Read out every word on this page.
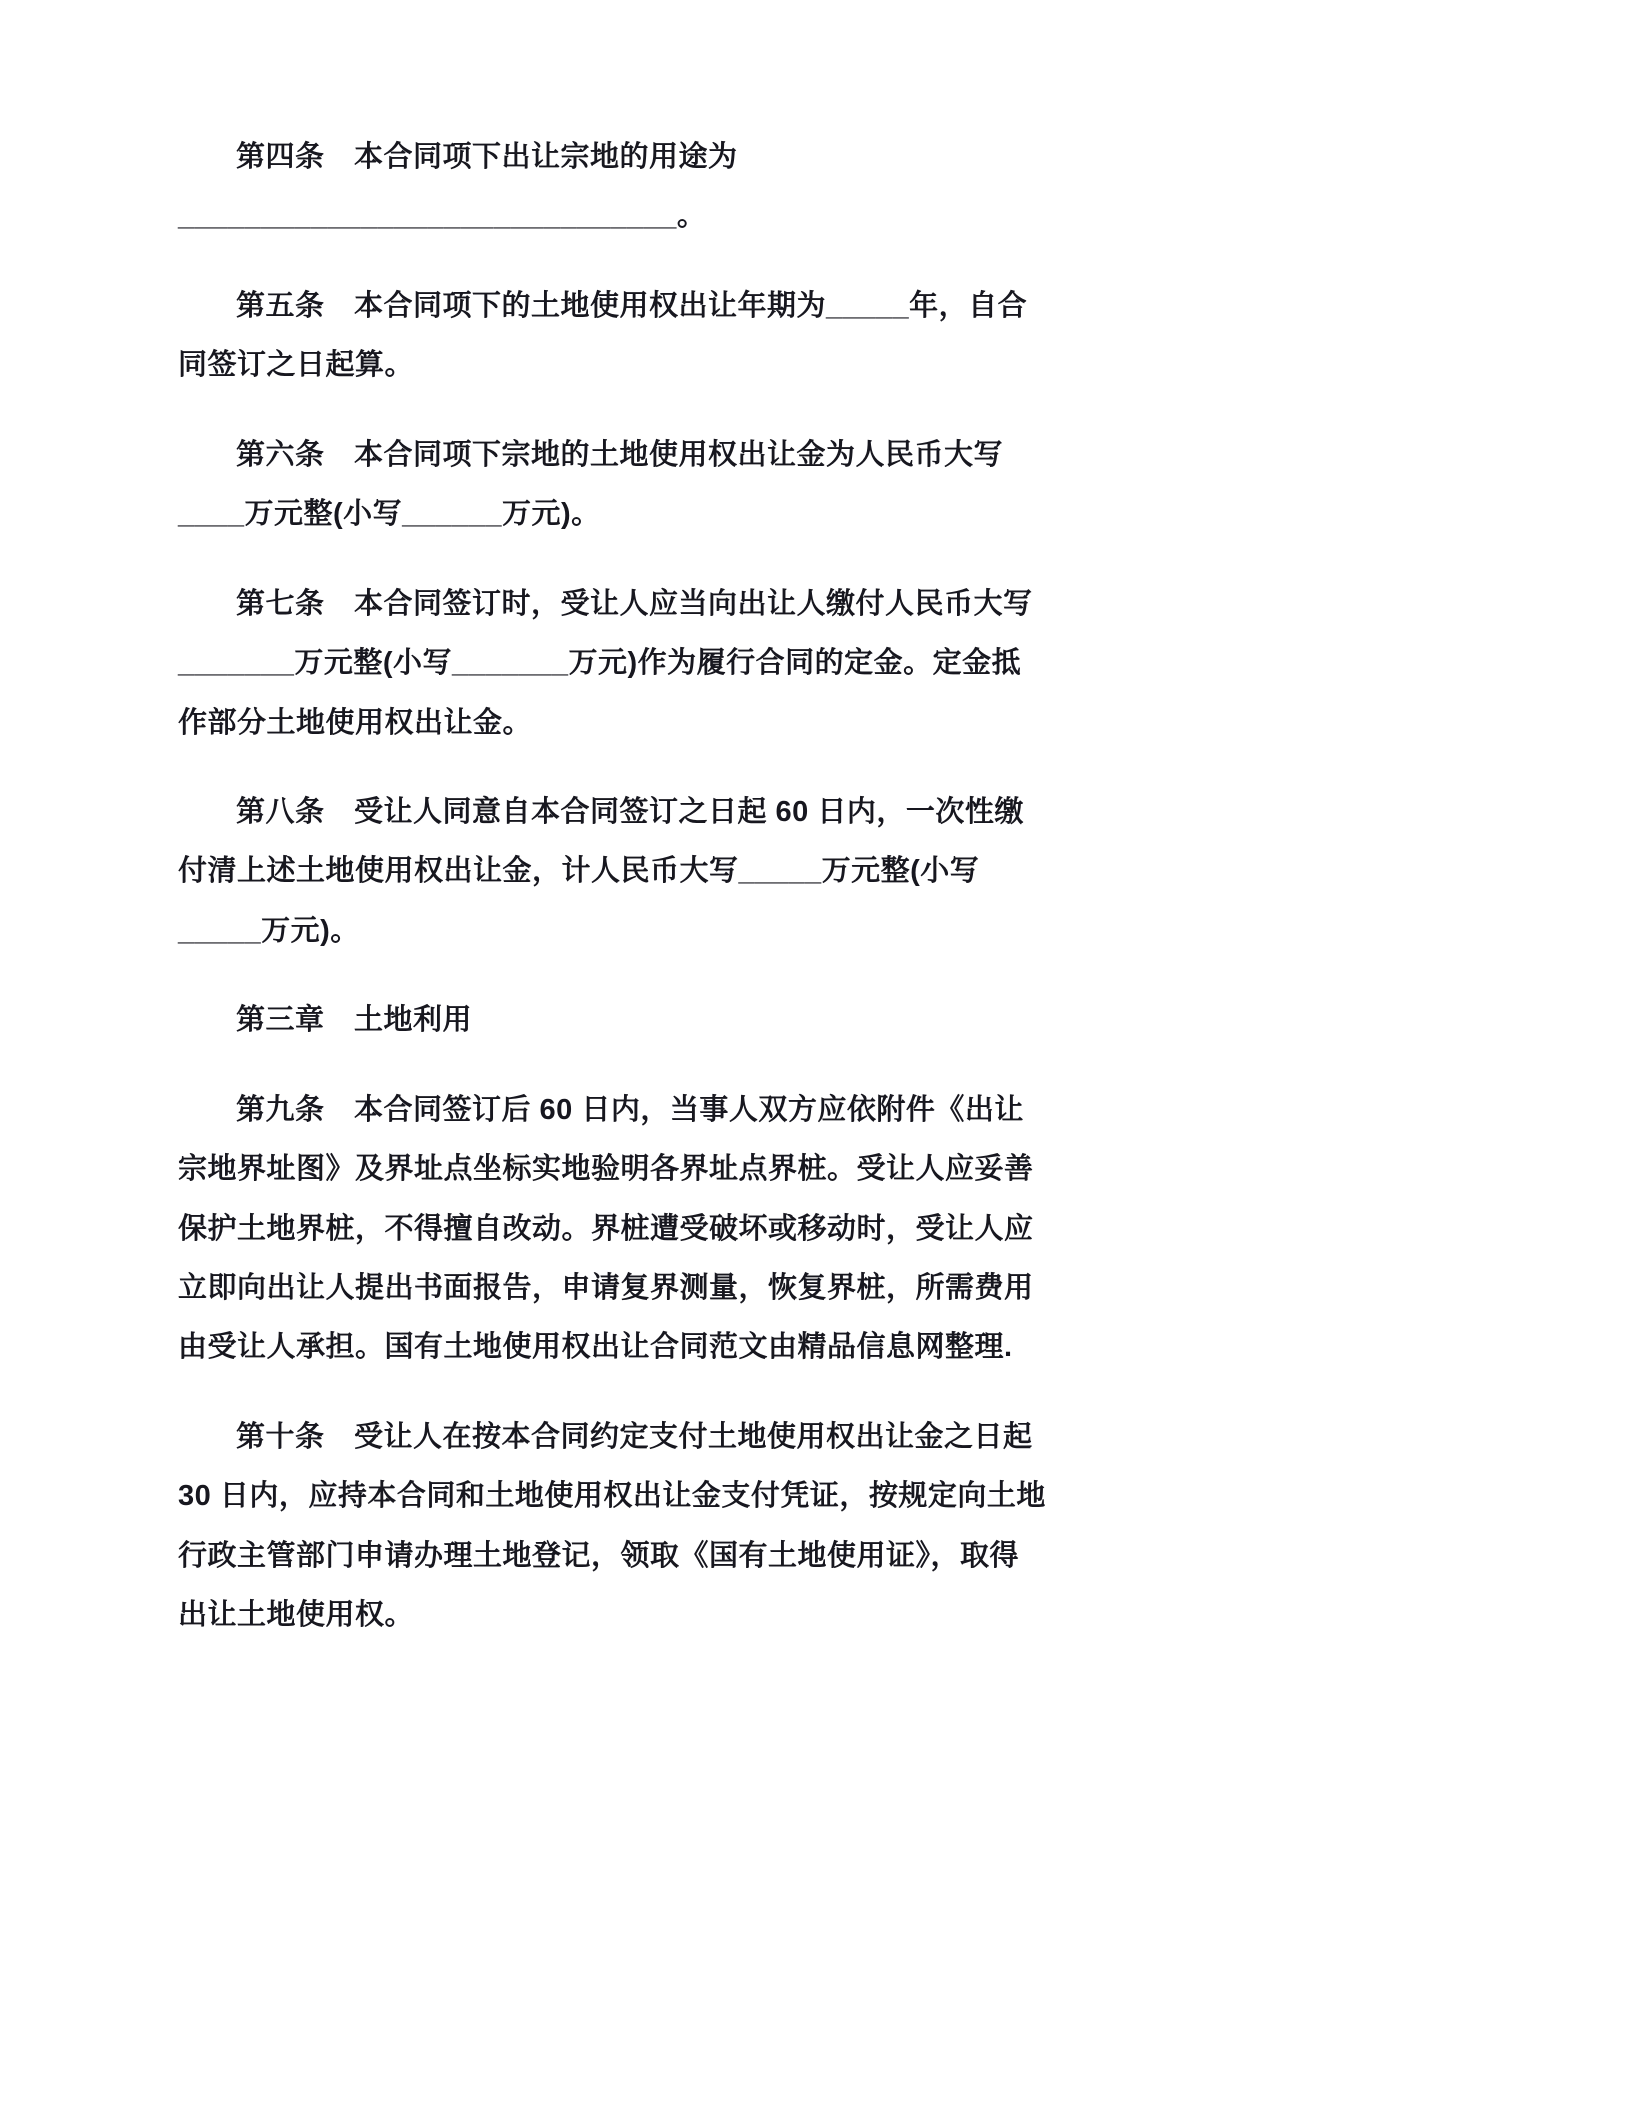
第四条　本合同项下出让宗地的用途为 ______________________________。

第五条　本合同项下的土地使用权出让年期为_____年，自合同签订之日起算。

第六条　本合同项下宗地的土地使用权出让金为人民币大写____万元整(小写______万元)。

第七条　本合同签订时，受让人应当向出让人缴付人民币大写_______万元整(小写_______万元)作为履行合同的定金。定金抵作部分土地使用权出让金。

第八条　受让人同意自本合同签订之日起 60 日内，一次性缴付清上述土地使用权出让金，计人民币大写_____万元整(小写_____万元)。

第三章　土地利用

第九条　本合同签订后 60 日内，当事人双方应依附件《出让宗地界址图》及界址点坐标实地验明各界址点界桩。受让人应妥善保护土地界桩，不得擅自改动。界桩遭受破坏或移动时，受让人应立即向出让人提出书面报告，申请复界测量，恢复界桩，所需费用由受让人承担。国有土地使用权出让合同范文由精品信息网整理.

第十条　受让人在按本合同约定支付土地使用权出让金之日起 30 日内，应持本合同和土地使用权出让金支付凭证，按规定向土地行政主管部门申请办理土地登记，领取《国有土地使用证》，取得出让土地使用权。
